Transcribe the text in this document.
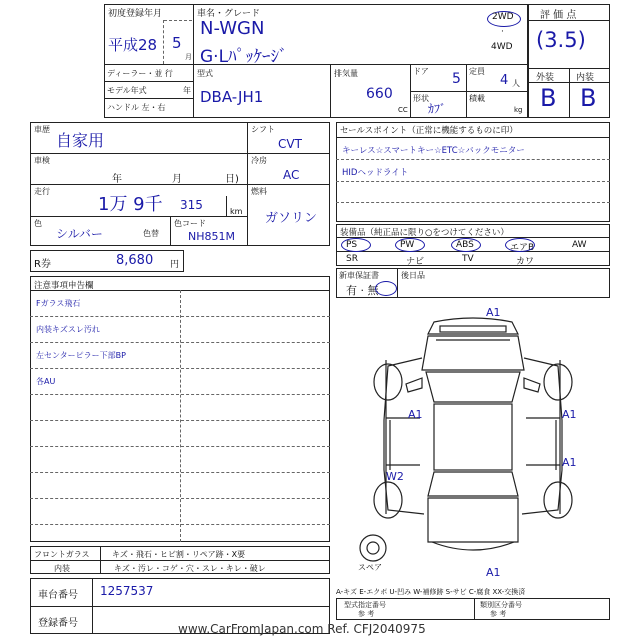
初度登録年月
平成28 5
月
車名・グレード
N-WGN
G·Lﾊﾟｯｹｰｼﾞ
2WD
·
4WD
評 価 点
(3.5)
外装 内装
B B
ディーラー・並 行
モデル年式	年
ハンドル 左・右
型式
DBA-JH1
排気量
660
CC
ドア 5 定員
4 人
形状
ｶﾌﾞ
積載
kg
車歴
自家用
車検
年	月	日)
走行
1万 9千 315	km
色
シルバー	色替
色コード
NH851M
シフト
CVT
冷房
AC
燃料
ガソリン
R券	8,680 円
セールスポイント（正常に機能するものに印）
キーレス☆スマートキー☆ETC☆バックモニター
HIDヘッドライト
装備品（純正品に限り○をつけてください）
PS	PW	ABS	エアB	AW
SR	ナビ	TV	カワ
新車保証書
有 · 無
後日品
注意事項申告欄
Fガラス飛石
内装キズスレ汚れ
左センターピラー下部BP
各AU
A1
A1	A1
A1
W2
A1
スペア
フロントガラス	キズ・飛石・ヒビ割・リペア跡・X要
内装	キズ・汚レ・コゲ・穴・スレ・キレ・破レ
A-キズ E-エクボ U-凹み W-補修跡 S-サビ C-腐食 XX-交換済
車台番号 1257537
登録番号
型式指定番号
参 考
類別区分番号
参 考
www.CarFromJapan.com Ref. CFJ2040975
